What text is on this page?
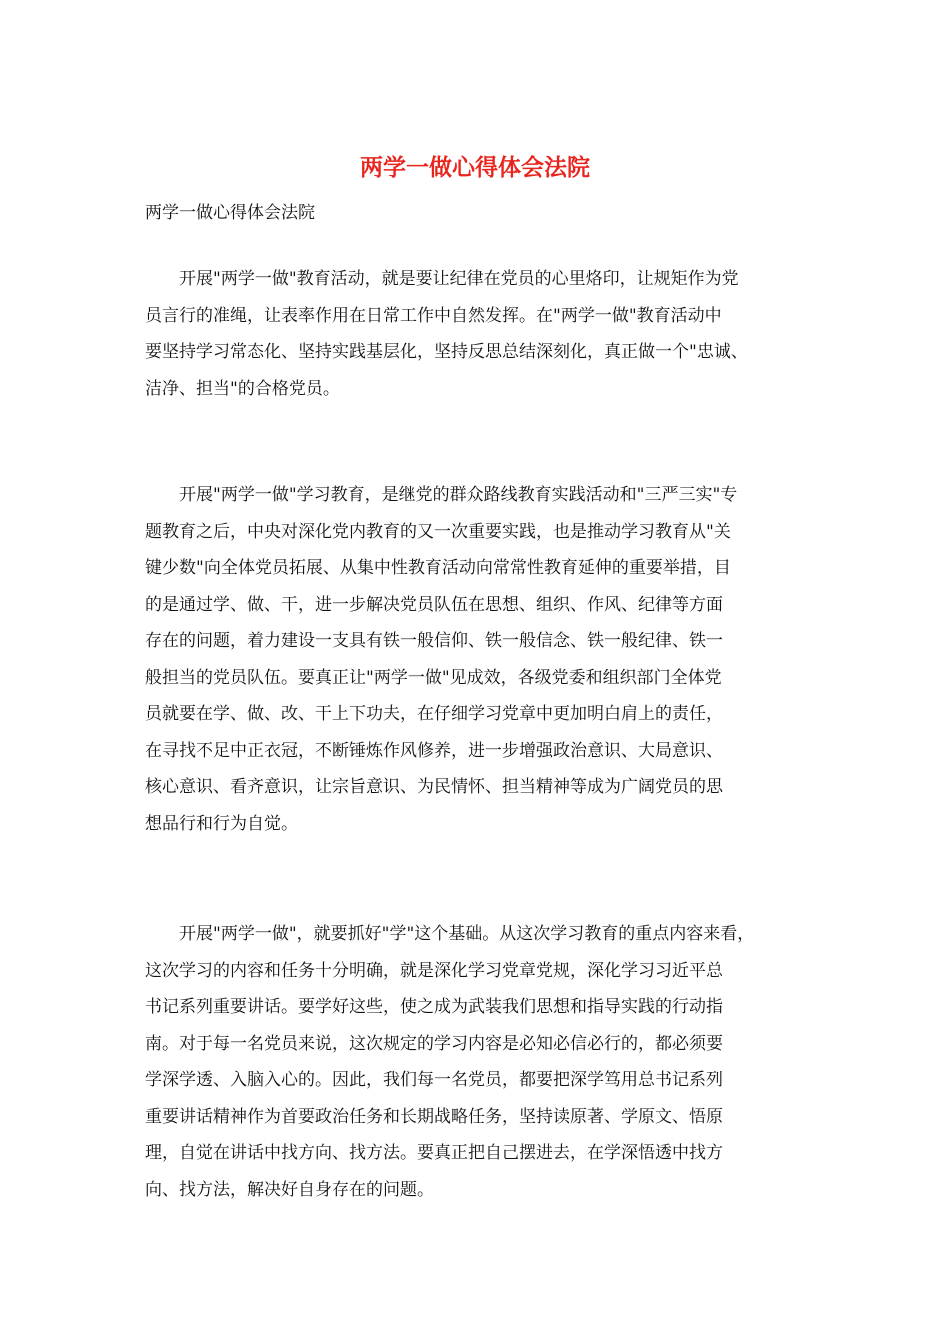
两学一做心得体会法院

两学一做心得体会法院

　　开展"两学一做"教育活动，就是要让纪律在党员的心里烙印，让规矩作为党
员言行的准绳，让表率作用在日常工作中自然发挥。在"两学一做"教育活动中
要坚持学习常态化、坚持实践基层化，坚持反思总结深刻化，真正做一个"忠诚、
洁净、担当"的合格党员。
　　开展"两学一做"学习教育，是继党的群众路线教育实践活动和"三严三实"专
题教育之后，中央对深化党内教育的又一次重要实践，也是推动学习教育从"关
键少数"向全体党员拓展、从集中性教育活动向常常性教育延伸的重要举措，目
的是通过学、做、干，进一步解决党员队伍在思想、组织、作风、纪律等方面
存在的问题，着力建设一支具有铁一般信仰、铁一般信念、铁一般纪律、铁一
般担当的党员队伍。要真正让"两学一做"见成效，各级党委和组织部门全体党
员就要在学、做、改、干上下功夫，在仔细学习党章中更加明白肩上的责任，
在寻找不足中正衣冠，不断锤炼作风修养，进一步增强政治意识、大局意识、
核心意识、看齐意识，让宗旨意识、为民情怀、担当精神等成为广阔党员的思
想品行和行为自觉。
　　开展"两学一做"，就要抓好"学"这个基础。从这次学习教育的重点内容来看，
这次学习的内容和任务十分明确，就是深化学习党章党规，深化学习习近平总
书记系列重要讲话。要学好这些，使之成为武装我们思想和指导实践的行动指
南。对于每一名党员来说，这次规定的学习内容是必知必信必行的，都必须要
学深学透、入脑入心的。因此，我们每一名党员，都要把深学笃用总书记系列
重要讲话精神作为首要政治任务和长期战略任务，坚持读原著、学原文、悟原
理，自觉在讲话中找方向、找方法。要真正把自己摆进去，在学深悟透中找方
向、找方法，解决好自身存在的问题。
